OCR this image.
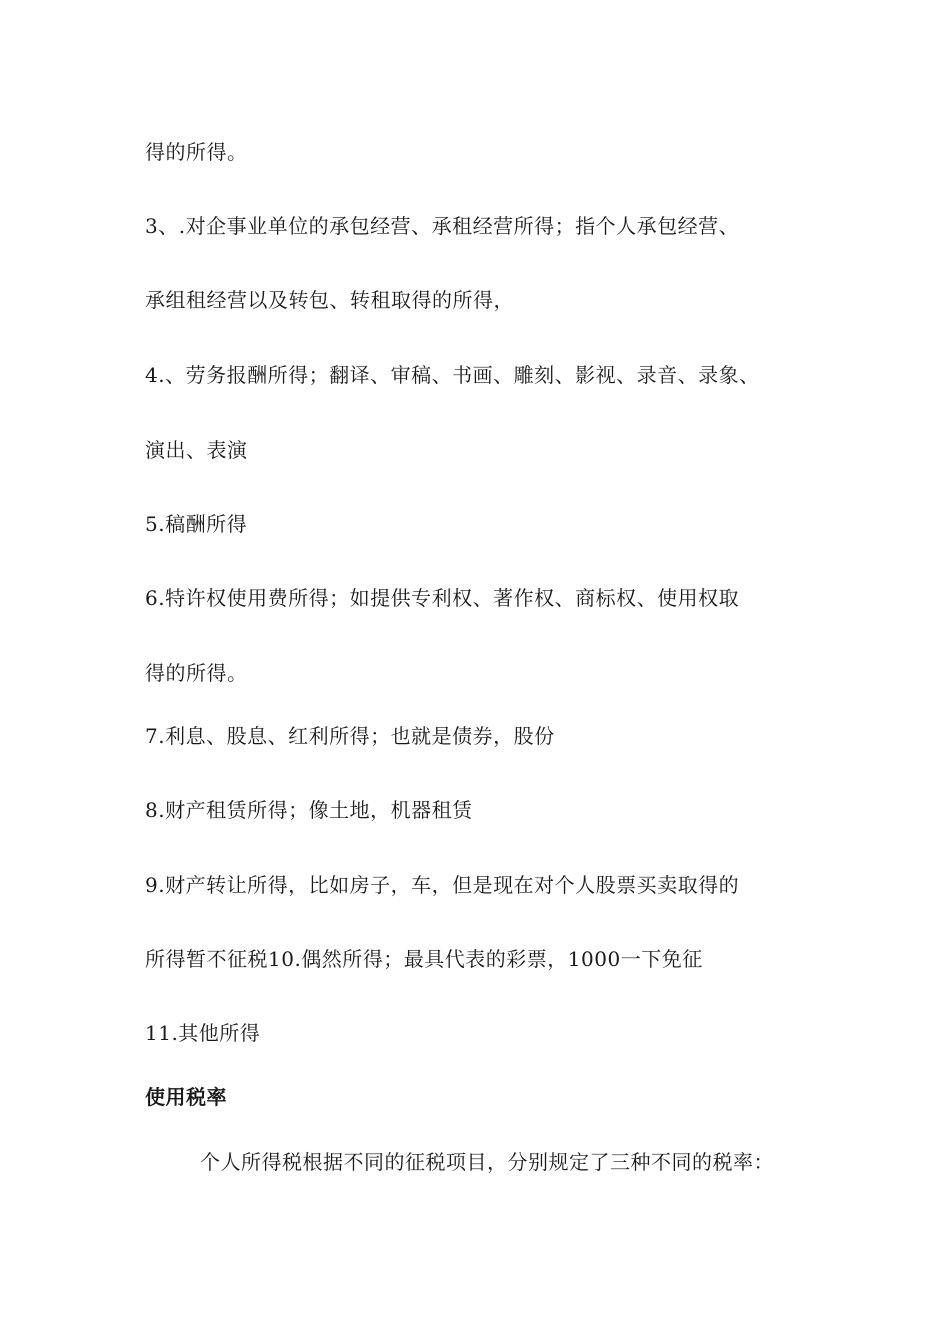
得的所得。
3、.对企事业单位的承包经营、承租经营所得；指个人承包经营、
承组租经营以及转包、转租取得的所得，
4.、劳务报酬所得；翻译、审稿、书画、雕刻、影视、录音、录象、
演出、表演
5.稿酬所得
6.特许权使用费所得；如提供专利权、著作权、商标权、使用权取
得的所得。
7.利息、股息、红利所得；也就是债券，股份
8.财产租赁所得；像土地，机器租赁
9.财产转让所得，比如房子，车，但是现在对个人股票买卖取得的
所得暂不征税10.偶然所得；最具代表的彩票，1000一下免征
11.其他所得
使用税率
个人所得税根据不同的征税项目，分别规定了三种不同的税率：
